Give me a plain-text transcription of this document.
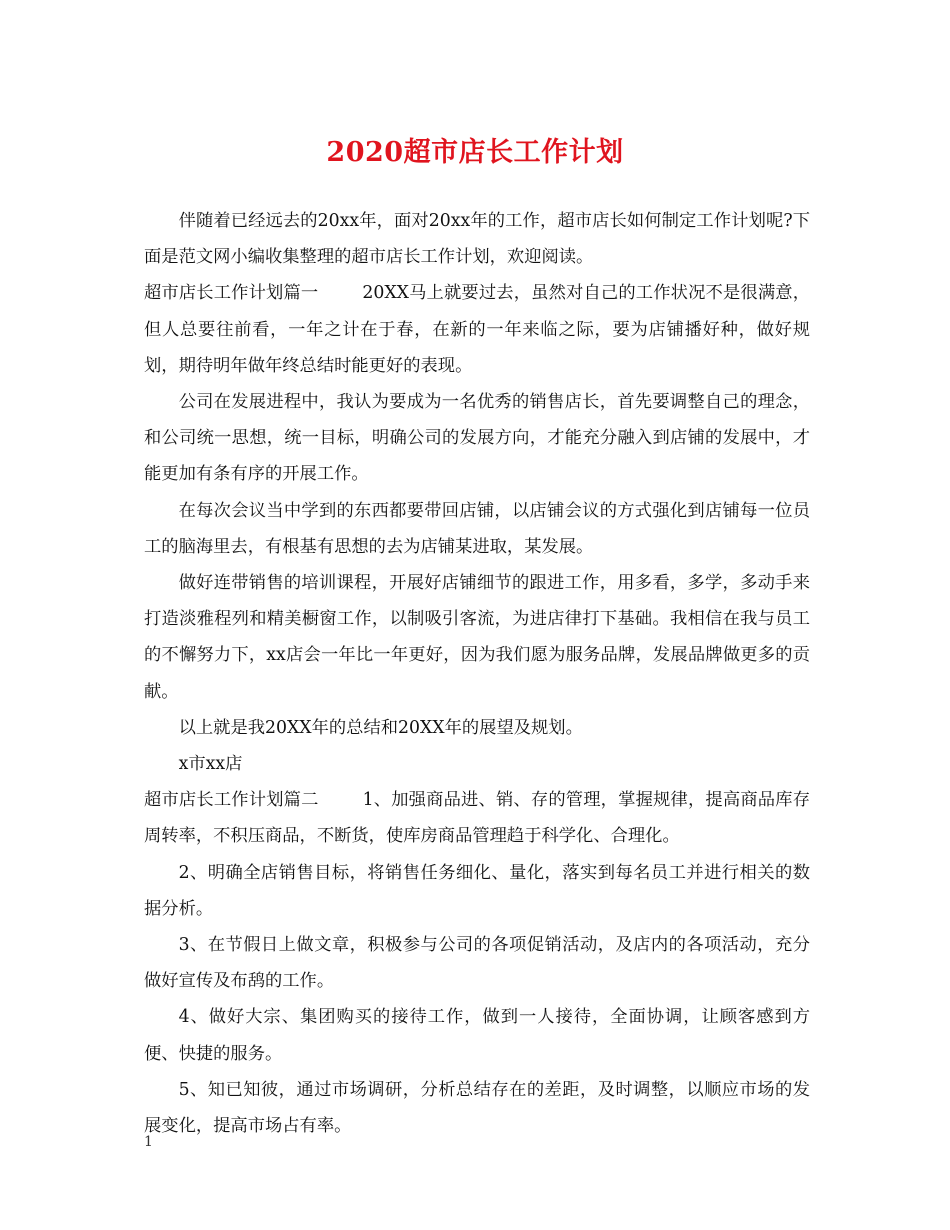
2020超市店长工作计划

伴随着已经远去的20xx年，面对20xx年的工作，超市店长如何制定工作计划呢?下面是范文网小编收集整理的超市店长工作计划，欢迎阅读。

超市店长工作计划篇一	20XX马上就要过去，虽然对自己的工作状况不是很满意，但人总要往前看，一年之计在于春，在新的一年来临之际，要为店铺播好种，做好规划，期待明年做年终总结时能更好的表现。

公司在发展进程中，我认为要成为一名优秀的销售店长，首先要调整自己的理念，和公司统一思想，统一目标，明确公司的发展方向，才能充分融入到店铺的发展中，才能更加有条有序的开展工作。

在每次会议当中学到的东西都要带回店铺，以店铺会议的方式强化到店铺每一位员工的脑海里去，有根基有思想的去为店铺某进取，某发展。

做好连带销售的培训课程，开展好店铺细节的跟进工作，用多看，多学，多动手来打造淡雅程列和精美橱窗工作，以制吸引客流，为进店律打下基础。我相信在我与员工的不懈努力下，xx店会一年比一年更好，因为我们愿为服务品牌，发展品牌做更多的贡献。

以上就是我20XX年的总结和20XX年的展望及规划。

x市xx店

超市店长工作计划篇二	1、加强商品进、销、存的管理，掌握规律，提高商品库存周转率，不积压商品，不断货，使库房商品管理趋于科学化、合理化。

2、明确全店销售目标，将销售任务细化、量化，落实到每名员工并进行相关的数据分析。

3、在节假日上做文章，积极参与公司的各项促销活动，及店内的各项活动，充分做好宣传及布鸹的工作。

4、做好大宗、集团购买的接待工作，做到一人接待，全面协调，让顾客感到方便、快捷的服务。

5、知已知彼，通过市场调研，分析总结存在的差距，及时调整，以顺应市场的发展变化，提高市场占有率。

1
